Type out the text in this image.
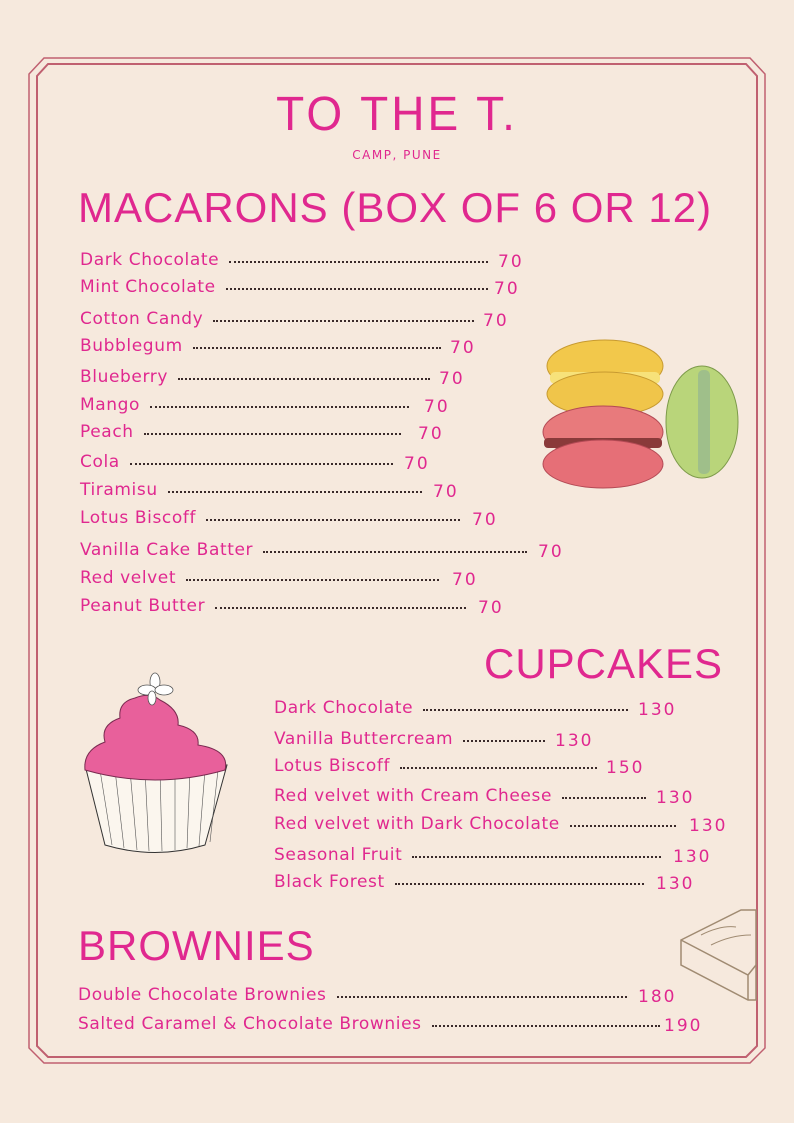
TO THE T.
CAMP, PUNE
MACARONS (BOX OF 6 OR 12)
CUPCAKES
BROWNIES
Dark Chocolate	70
Mint Chocolate	70
Cotton Candy	70
Bubblegum	70
Blueberry	70
Mango	70
Peach	70
Cola	70
Tiramisu	70
Lotus Biscoff	70
Vanilla Cake Batter	70
Red velvet	70
Peanut Butter	70
Dark Chocolate	130
Vanilla Buttercream	130
Lotus Biscoff	150
Red velvet with Cream Cheese	130
Red velvet with Dark Chocolate	130
Seasonal Fruit	130
Black Forest	130
Double Chocolate Brownies	180
Salted Caramel & Chocolate Brownies	190
